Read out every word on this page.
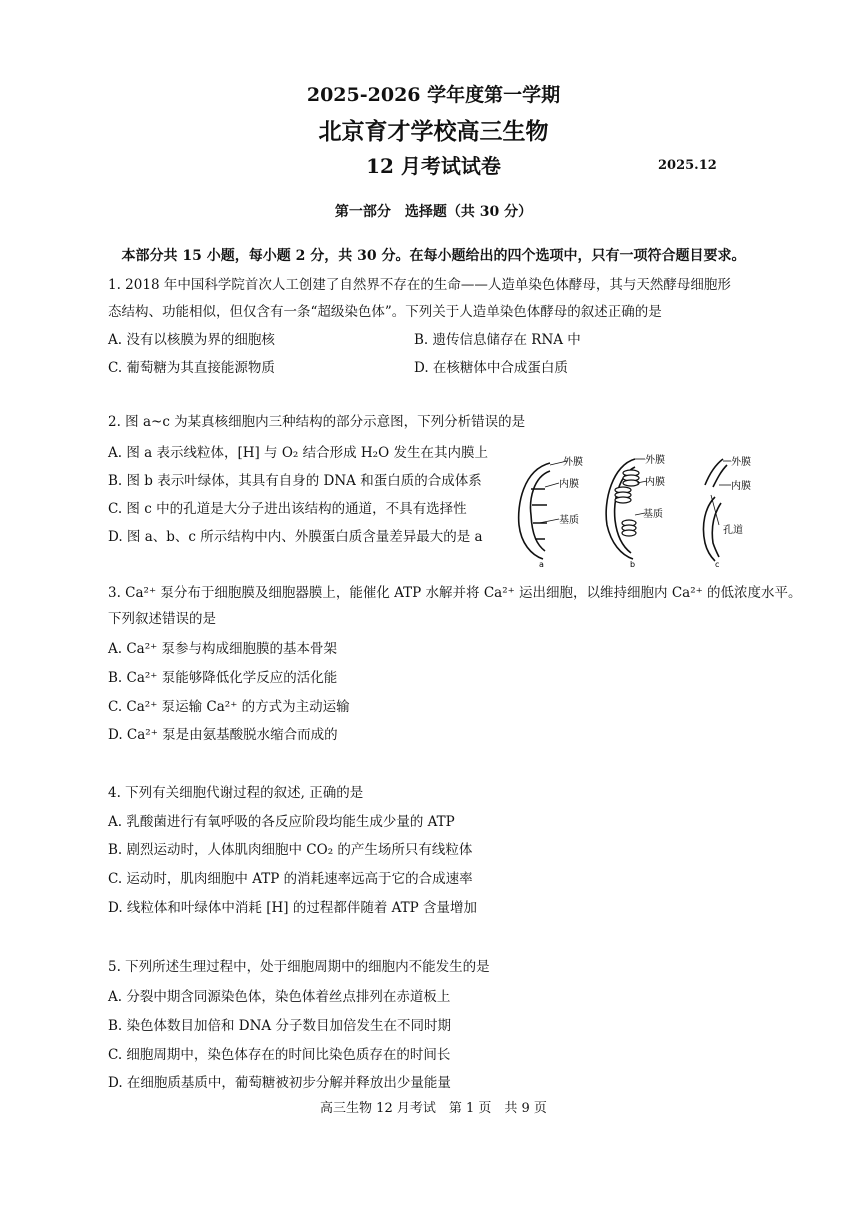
2025-2026 学年度第一学期
北京育才学校高三生物
12 月考试试卷	2025.12
第一部分　选择题（共 30 分）
本部分共 15 小题，每小题 2 分，共 30 分。在每小题给出的四个选项中，只有一项符合题目要求。
1. 2018 年中国科学院首次人工创建了自然界不存在的生命——人造单染色体酵母，其与天然酵母细胞形
态结构、功能相似，但仅含有一条“超级染色体”。下列关于人造单染色体酵母的叙述正确的是
A. 没有以核膜为界的细胞核	B. 遗传信息储存在 RNA 中
C. 葡萄糖为其直接能源物质	D. 在核糖体中合成蛋白质
2. 图 a~c 为某真核细胞内三种结构的部分示意图，下列分析错误的是
A. 图 a 表示线粒体，[H] 与 O₂ 结合形成 H₂O 发生在其内膜上
B. 图 b 表示叶绿体，其具有自身的 DNA 和蛋白质的合成体系
C. 图 c 中的孔道是大分子进出该结构的通道，不具有选择性
D. 图 a、b、c 所示结构中内、外膜蛋白质含量差异最大的是 a
外膜
内膜
基质
a
外膜
内膜
基质
b
外膜
内膜
孔道
c
3. Ca²⁺ 泵分布于细胞膜及细胞器膜上，能催化 ATP 水解并将 Ca²⁺ 运出细胞，以维持细胞内 Ca²⁺ 的低浓度水平。
下列叙述错误的是
A. Ca²⁺ 泵参与构成细胞膜的基本骨架
B. Ca²⁺ 泵能够降低化学反应的活化能
C. Ca²⁺ 泵运输 Ca²⁺ 的方式为主动运输
D. Ca²⁺ 泵是由氨基酸脱水缩合而成的
4. 下列有关细胞代谢过程的叙述, 正确的是
A. 乳酸菌进行有氧呼吸的各反应阶段均能生成少量的 ATP
B. 剧烈运动时，人体肌肉细胞中 CO₂ 的产生场所只有线粒体
C. 运动时，肌肉细胞中 ATP 的消耗速率远高于它的合成速率
D. 线粒体和叶绿体中消耗 [H] 的过程都伴随着 ATP 含量增加
5. 下列所述生理过程中，处于细胞周期中的细胞内不能发生的是
A. 分裂中期含同源染色体，染色体着丝点排列在赤道板上
B. 染色体数目加倍和 DNA 分子数目加倍发生在不同时期
C. 细胞周期中，染色体存在的时间比染色质存在的时间长
D. 在细胞质基质中，葡萄糖被初步分解并释放出少量能量
高三生物 12 月考试　第 1 页　共 9 页
